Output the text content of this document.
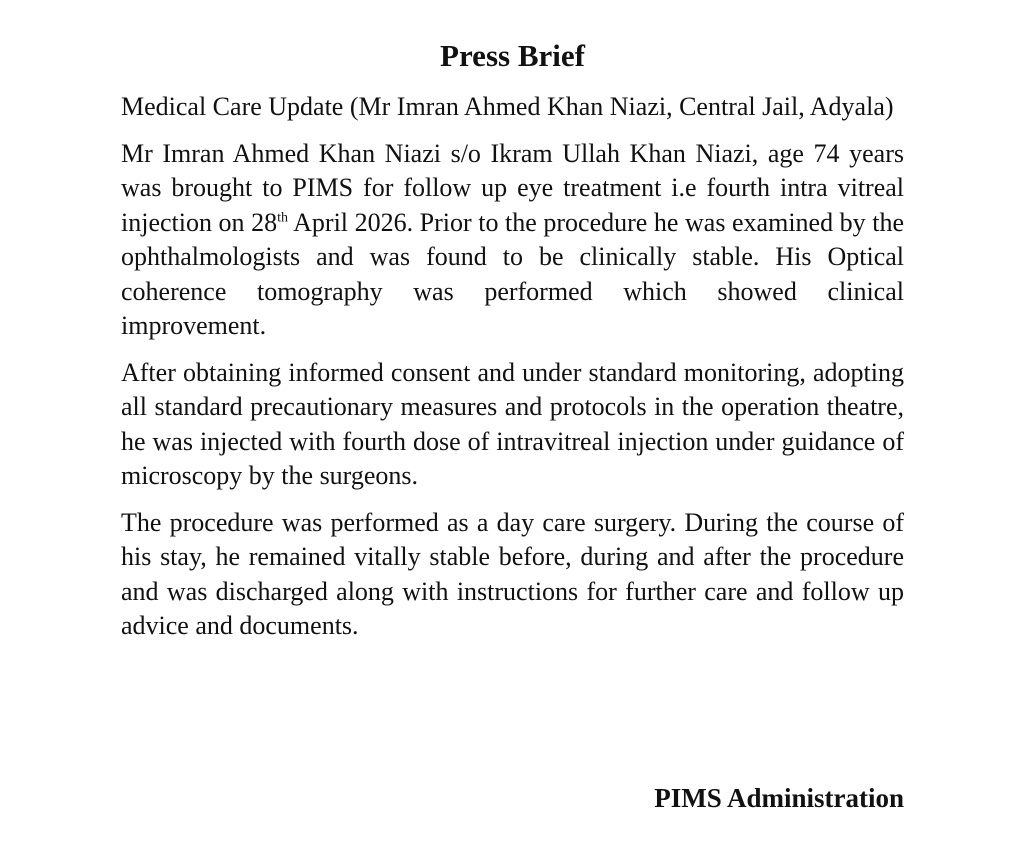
Press Brief

Medical Care Update (Mr Imran Ahmed Khan Niazi, Central Jail, Adyala)

Mr Imran Ahmed Khan Niazi s/o Ikram Ullah Khan Niazi, age 74 years was brought to PIMS for follow up eye treatment i.e fourth intra vitreal injection on 28th April 2026. Prior to the procedure he was examined by the ophthalmologists and was found to be clinically stable. His Optical coherence tomography was performed which showed clinical improvement.

After obtaining informed consent and under standard monitoring, adopting all standard precautionary measures and protocols in the operation theatre, he was injected with fourth dose of intravitreal injection under guidance of microscopy by the surgeons.

The procedure was performed as a day care surgery. During the course of his stay, he remained vitally stable before, during and after the procedure and was discharged along with instructions for further care and follow up advice and documents.

PIMS Administration
